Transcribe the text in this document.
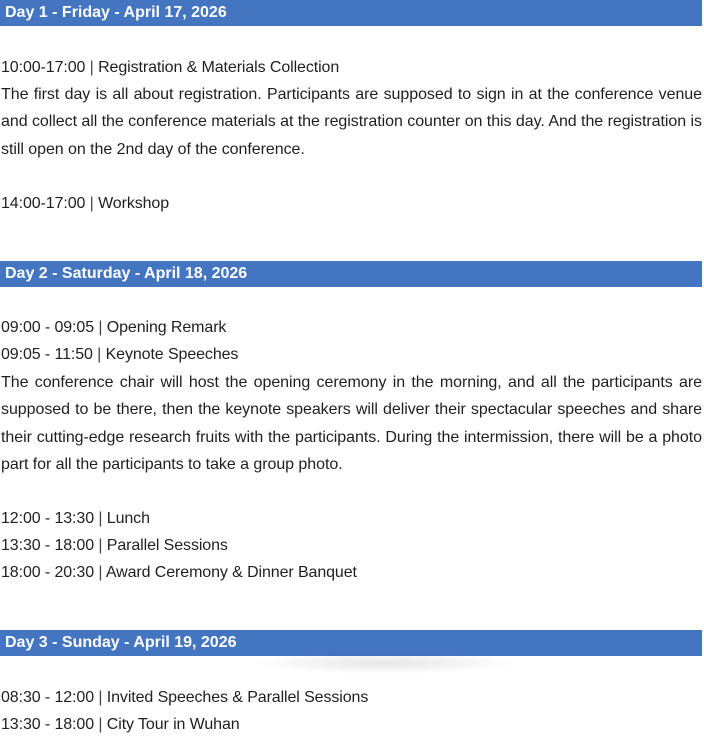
Day 1 - Friday - April 17, 2026
10:00-17:00 | Registration & Materials Collection
The first day is all about registration. Participants are supposed to sign in at the conference venue and collect all the conference materials at the registration counter on this day. And the registration is still open on the 2nd day of the conference.
14:00-17:00 | Workshop
Day 2 - Saturday - April 18, 2026
09:00 - 09:05 | Opening Remark
09:05 - 11:50 | Keynote Speeches
The conference chair will host the opening ceremony in the morning, and all the participants are supposed to be there, then the keynote speakers will deliver their spectacular speeches and share their cutting-edge research fruits with the participants. During the intermission, there will be a photo part for all the participants to take a group photo.
12:00 - 13:30 | Lunch
13:30 - 18:00 | Parallel Sessions
18:00 - 20:30 | Award Ceremony & Dinner Banquet
Day 3 - Sunday - April 19, 2026
08:30 - 12:00 | Invited Speeches & Parallel Sessions
13:30 - 18:00 | City Tour in Wuhan
